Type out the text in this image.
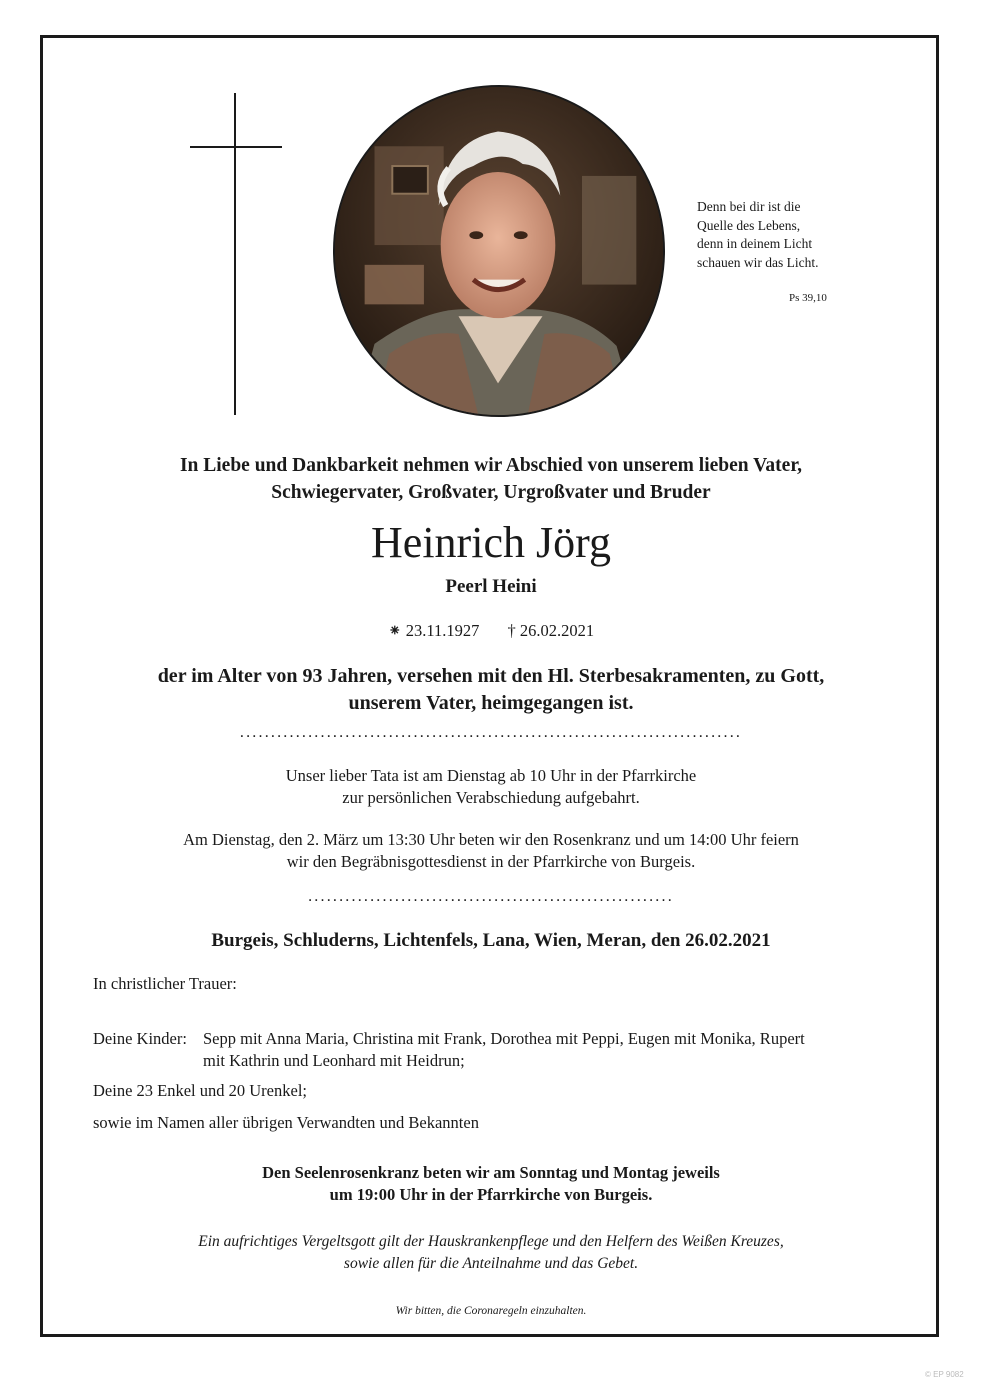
Denn bei dir ist die
Quelle des Lebens,
denn in deinem Licht
schauen wir das Licht.
Ps 39,10
In Liebe und Dankbarkeit nehmen wir Abschied von unserem lieben Vater,
Schwiegervater, Großvater, Urgroßvater und Bruder
Heinrich Jörg
Peerl Heini
⁕ 23.11.1927 † 26.02.2021
der im Alter von 93 Jahren, versehen mit den Hl. Sterbesakramenten, zu Gott,
unserem Vater, heimgegangen ist.
.................................................................................
Unser lieber Tata ist am Dienstag ab 10 Uhr in der Pfarrkirche
zur persönlichen Verabschiedung aufgebahrt.
Am Dienstag, den 2. März um 13:30 Uhr beten wir den Rosenkranz und um 14:00 Uhr feiern
wir den Begräbnisgottesdienst in der Pfarrkirche von Burgeis.
...........................................................
Burgeis, Schluderns, Lichtenfels, Lana, Wien, Meran, den 26.02.2021
In christlicher Trauer:
Deine Kinder: Sepp mit Anna Maria, Christina mit Frank, Dorothea mit Peppi, Eugen mit Monika, Rupert
mit Kathrin und Leonhard mit Heidrun;
Deine 23 Enkel und 20 Urenkel;
sowie im Namen aller übrigen Verwandten und Bekannten
Den Seelenrosenkranz beten wir am Sonntag und Montag jeweils
um 19:00 Uhr in der Pfarrkirche von Burgeis.
Ein aufrichtiges Vergeltsgott gilt der Hauskrankenpflege und den Helfern des Weißen Kreuzes,
sowie allen für die Anteilnahme und das Gebet.
Wir bitten, die Coronaregeln einzuhalten.
© EP 9082
